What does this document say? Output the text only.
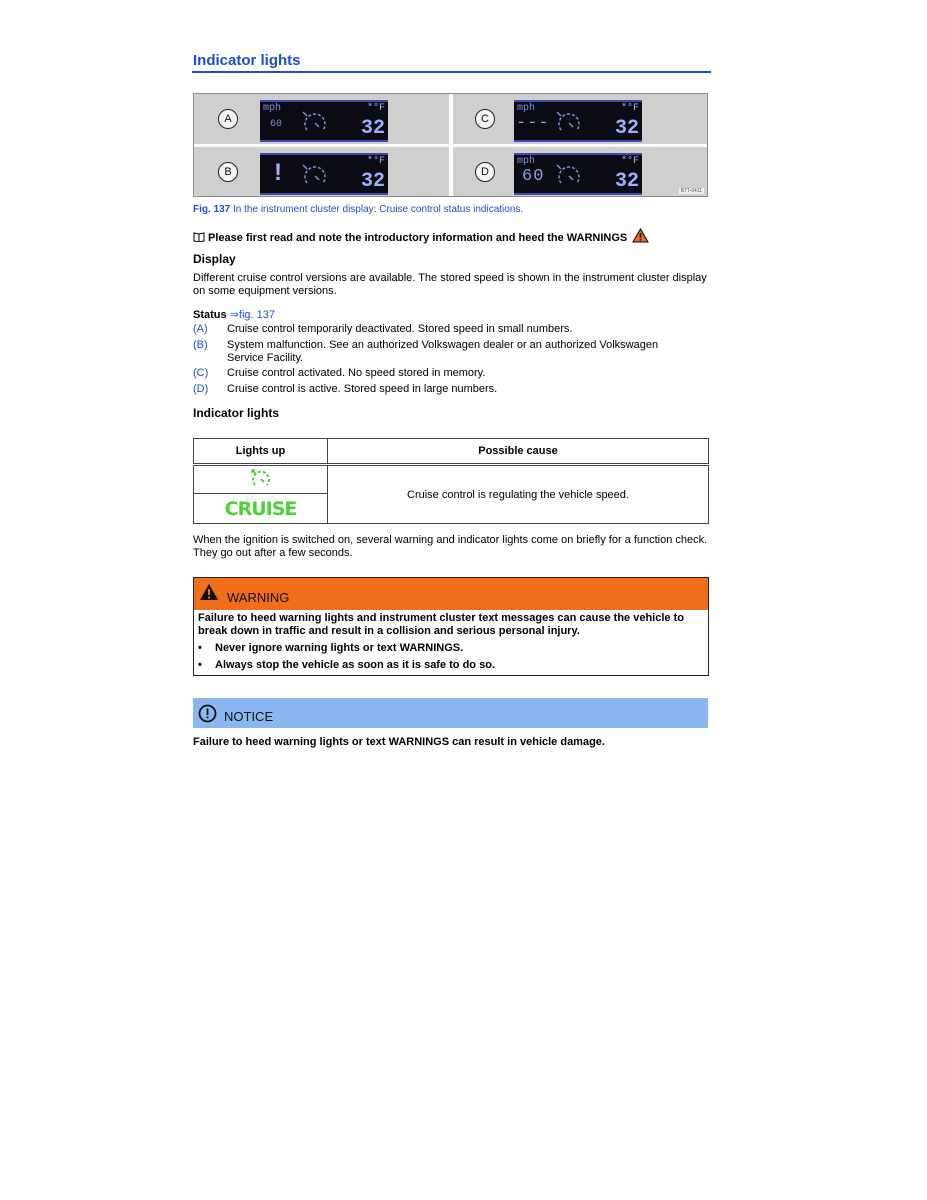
Indicator lights
A
mph
60
*°F
32	C
mph
---
*°F
32
B !	*°F
32	D
mph
60
*°F
32	B7T-0411
Fig. 137 In the instrument cluster display: Cruise control status indications.
Please first read and note the introductory information and heed the WARNINGS
Display
Different cruise control versions are available. The stored speed is shown in the instrument cluster display on some equipment versions.
Status ⇒fig. 137
(A) Cruise control temporarily deactivated. Stored speed in small numbers.
(B) System malfunction. See an authorized Volkswagen dealer or an authorized Volkswagen Service Facility.
(C) Cruise control activated. No speed stored in memory.
(D) Cruise control is active. Stored speed in large numbers.
Indicator lights
Lights up	Possible cause
	Cruise control is regulating the vehicle speed.
CRUISE	
When the ignition is switched on, several warning and indicator lights come on briefly for a function check. They go out after a few seconds.
WARNING
Failure to heed warning lights and instrument cluster text messages can cause the vehicle to break down in traffic and result in a collision and serious personal injury.
• Never ignore warning lights or text WARNINGS.
• Always stop the vehicle as soon as it is safe to do so.
NOTICE
Failure to heed warning lights or text WARNINGS can result in vehicle damage.
